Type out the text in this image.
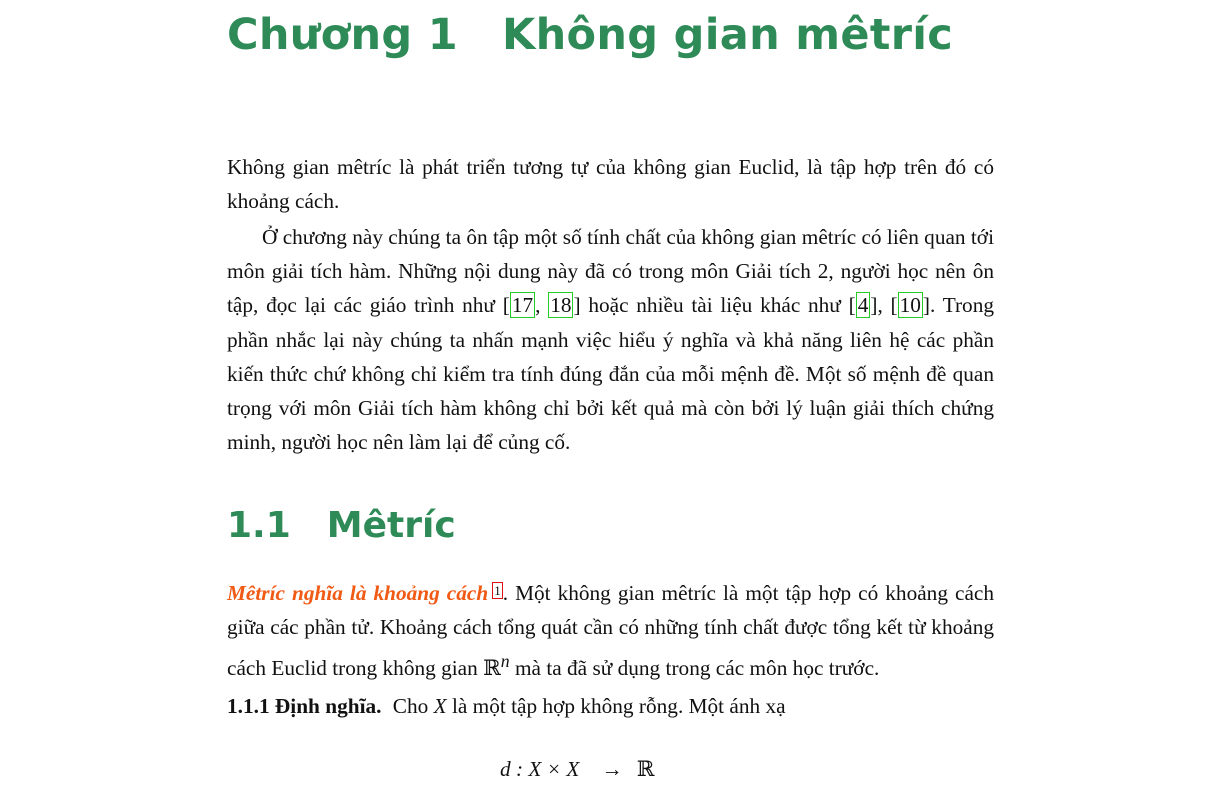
Chương 1 Không gian mêtríc

Không gian mêtríc là phát triển tương tự của không gian Euclid, là tập hợp trên đó có khoảng cách.

Ở chương này chúng ta ôn tập một số tính chất của không gian mêtríc có liên quan tới môn giải tích hàm. Những nội dung này đã có trong môn Giải tích 2, người học nên ôn tập, đọc lại các giáo trình như [17, 18] hoặc nhiều tài liệu khác như [4], [10]. Trong phần nhắc lại này chúng ta nhấn mạnh việc hiểu ý nghĩa và khả năng liên hệ các phần kiến thức chứ không chỉ kiểm tra tính đúng đắn của mỗi mệnh đề. Một số mệnh đề quan trọng với môn Giải tích hàm không chỉ bởi kết quả mà còn bởi lý luận giải thích chứng minh, người học nên làm lại để củng cố.

1.1 Mêtríc

Mêtríc nghĩa là khoảng cách $^1$. Một không gian mêtríc là một tập hợp có khoảng cách giữa các phần tử. Khoảng cách tổng quát cần có những tính chất được tổng kết từ khoảng cách Euclid trong không gian ℝ$^n$ mà ta đã sử dụng trong các môn học trước.

1.1.1 Định nghĩa. Cho X là một tập hợp không rỗng. Một ánh xạ

d : X × X → ℝ
